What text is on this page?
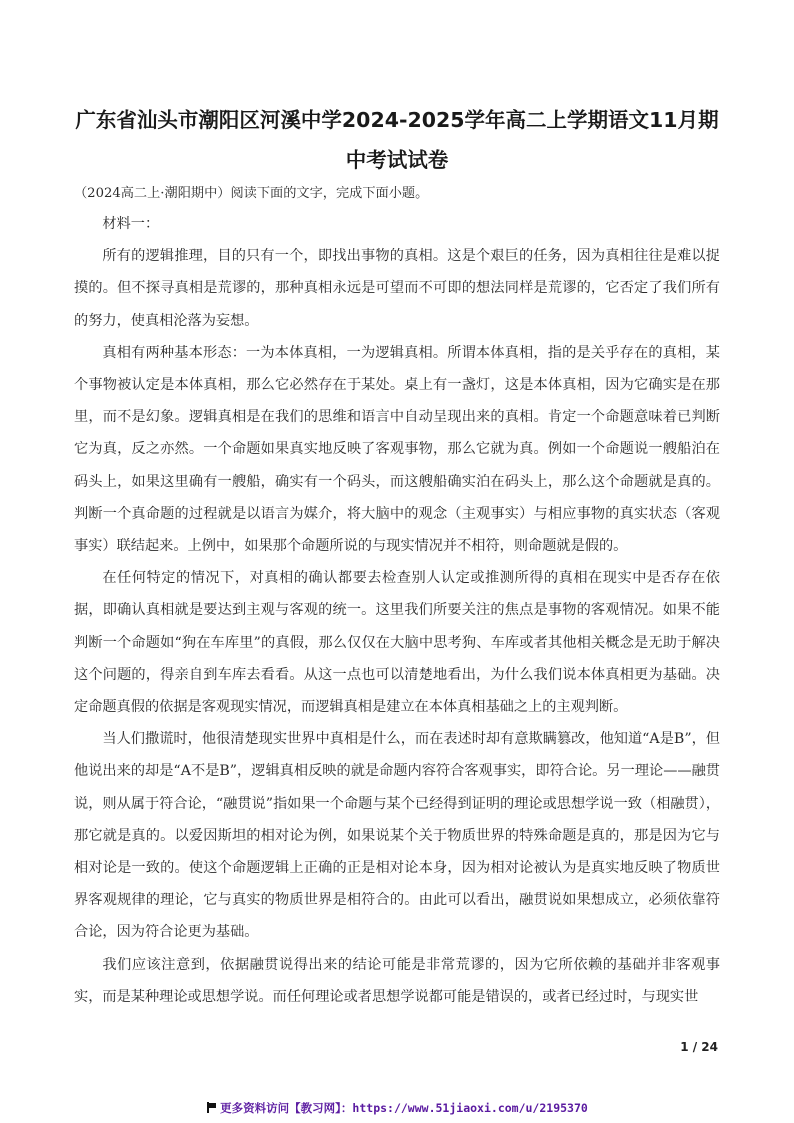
广东省汕头市潮阳区河溪中学2024-2025学年高二上学期语文11月期中考试试卷

（2024高二上·潮阳期中）阅读下面的文字，完成下面小题。

材料一：

所有的逻辑推理，目的只有一个，即找出事物的真相。这是个艰巨的任务，因为真相往往是难以捉摸的。但不探寻真相是荒谬的，那种真相永远是可望而不可即的想法同样是荒谬的，它否定了我们所有的努力，使真相沦落为妄想。

真相有两种基本形态：一为本体真相，一为逻辑真相。所谓本体真相，指的是关乎存在的真相，某个事物被认定是本体真相，那么它必然存在于某处。桌上有一盏灯，这是本体真相，因为它确实是在那里，而不是幻象。逻辑真相是在我们的思维和语言中自动呈现出来的真相。肯定一个命题意味着已判断它为真，反之亦然。一个命题如果真实地反映了客观事物，那么它就为真。例如一个命题说一艘船泊在码头上，如果这里确有一艘船，确实有一个码头，而这艘船确实泊在码头上，那么这个命题就是真的。判断一个真命题的过程就是以语言为媒介，将大脑中的观念（主观事实）与相应事物的真实状态（客观事实）联结起来。上例中，如果那个命题所说的与现实情况并不相符，则命题就是假的。

在任何特定的情况下，对真相的确认都要去检查别人认定或推测所得的真相在现实中是否存在依据，即确认真相就是要达到主观与客观的统一。这里我们所要关注的焦点是事物的客观情况。如果不能判断一个命题如“狗在车库里”的真假，那么仅仅在大脑中思考狗、车库或者其他相关概念是无助于解决这个问题的，得亲自到车库去看看。从这一点也可以清楚地看出，为什么我们说本体真相更为基础。决定命题真假的依据是客观现实情况，而逻辑真相是建立在本体真相基础之上的主观判断。

当人们撒谎时，他很清楚现实世界中真相是什么，而在表述时却有意欺瞒篡改，他知道“A是B”，但他说出来的却是“A不是B”，逻辑真相反映的就是命题内容符合客观事实，即符合论。另一理论——融贯说，则从属于符合论，“融贯说”指如果一个命题与某个已经得到证明的理论或思想学说一致（相融贯），那它就是真的。以爱因斯坦的相对论为例，如果说某个关于物质世界的特殊命题是真的，那是因为它与相对论是一致的。使这个命题逻辑上正确的正是相对论本身，因为相对论被认为是真实地反映了物质世界客观规律的理论，它与真实的物质世界是相符合的。由此可以看出，融贯说如果想成立，必须依靠符合论，因为符合论更为基础。

我们应该注意到，依据融贯说得出来的结论可能是非常荒谬的，因为它所依赖的基础并非客观事实，而是某种理论或思想学说。而任何理论或者思想学说都可能是错误的，或者已经过时，与现实世

1 / 24
更多资料访问【教习网】：https://www.51jiaoxi.com/u/2195370
